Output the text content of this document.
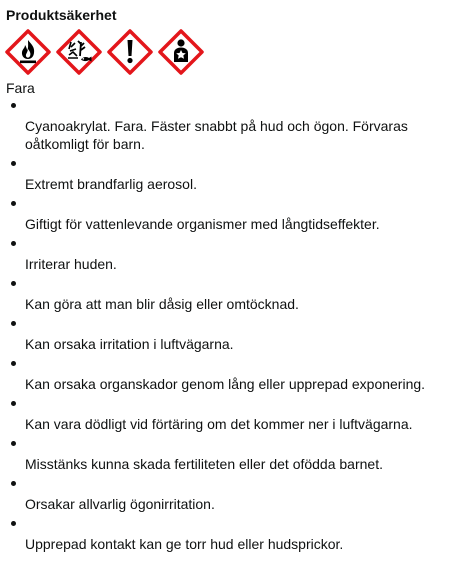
Produktsäkerhet
Fara
Cyanoakrylat. Fara. Fäster snabbt på hud och ögon. Förvaras oåtkomligt för barn.
Extremt brandfarlig aerosol.
Giftigt för vattenlevande organismer med långtidseffekter.
Irriterar huden.
Kan göra att man blir dåsig eller omtöcknad.
Kan orsaka irritation i luftvägarna.
Kan orsaka organskador genom lång eller upprepad exponering.
Kan vara dödligt vid förtäring om det kommer ner i luftvägarna.
Misstänks kunna skada fertiliteten eller det ofödda barnet.
Orsakar allvarlig ögonirritation.
Upprepad kontakt kan ge torr hud eller hudsprickor.
